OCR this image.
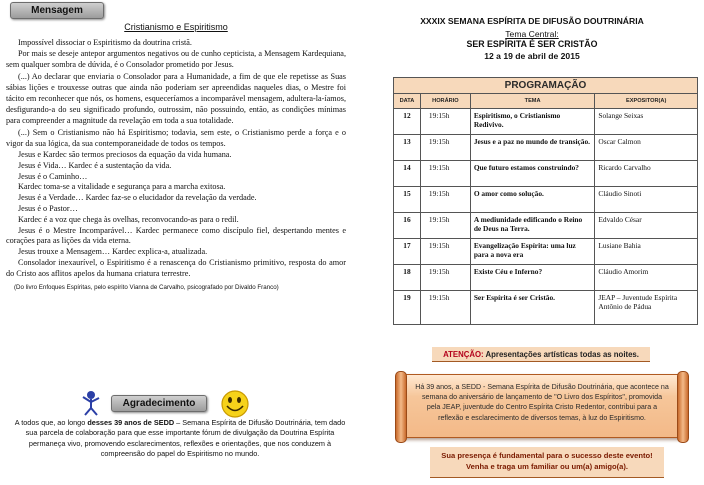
Mensagem
Cristianismo e Espiritismo

Impossível dissociar o Espiritismo da doutrina cristã.

Por mais se deseje antepor argumentos negativos ou de cunho cepticista, a Mensagem Kardequiana, sem qualquer sombra de dúvida, é o Consolador prometido por Jesus.

(...) Ao declarar que enviaria o Consolador para a Humanidade, a fim de que ele repetisse as Suas sábias lições e trouxesse outras que ainda não poderiam ser apreendidas naqueles dias, o Mestre foi tácito em reconhecer que nós, os homens, esqueceríamos a incomparável mensagem, adultera-la-íamos, desfigurando-a do seu significado profundo, outrossim, não possuindo, então, as condições mínimas para compreender a magnitude da revelação em toda a sua totalidade.

(...) Sem o Cristianismo não há Espiritismo; todavia, sem este, o Cristianismo perde a força e o vigor da sua lógica, da sua contemporaneidade de todos os tempos.

Jesus e Kardec são termos preciosos da equação da vida humana.

Jesus é Vida… Kardec é a sustentação da vida.

Jesus é o Caminho…

Kardec toma-se a vitalidade e segurança para a marcha exitosa.

Jesus é a Verdade… Kardec faz-se o elucidador da revelação da verdade.

Jesus é o Pastor…

Kardec é a voz que chega às ovelhas, reconvocando-as para o redil.

Jesus é o Mestre Incomparável… Kardec permanece como discípulo fiel, despertando mentes e corações para as lições da vida eterna.

Jesus trouxe a Mensagem… Kardec explica-a, atualizada.

Consolador inexaurível, o Espiritismo é a renascença do Cristianismo primitivo, resposta do amor do Cristo aos aflitos apelos da humana criatura terrestre.

(Do livro Enfoques Espíritas, pelo espírito Vianna de Carvalho, psicografado por Divaldo Franco)

Agradecimento
A todos que, ao longo desses 39 anos de SEDD – Semana Espírita de Difusão Doutrinária, tem dado sua parcela de colaboração para que esse importante fórum de divulgação da Doutrina Espírita permaneça vivo, promovendo esclarecimentos, reflexões e orientações, que nos conduzem à compreensão do papel do Espiritismo no mundo.
XXXIX SEMANA ESPÍRITA DE DIFUSÃO DOUTRINÁRIA
Tema Central:
SER ESPÍRITA É SER CRISTÃO
12 a 19 de abril de 2015
PROGRAMAÇÃO			
DATA	HORÁRIO	TEMA	EXPOSITOR(A)
12	19:15h	Espiritismo, o Cristianismo Redivivo.	Solange Seixas
13	19:15h	Jesus e a paz no mundo de transição.	Oscar Calmon
14	19:15h	Que futuro estamos construindo?	Ricardo Carvalho
15	19:15h	O amor como solução.	Cláudio Sinoti
16	19:15h	A mediunidade edificando o Reino de Deus na Terra.	Edvaldo César
17	19:15h	Evangelização Espírita: uma luz para a nova era	Lusiane Bahia
18	19:15h	Existe Céu e Inferno?	Cláudio Amorim
19	19:15h	Ser Espírita é ser Cristão.	JEAP – Juventude Espírita Antônio de Pádua
ATENÇÃO: Apresentações artísticas todas as noites.
Há 39 anos, a SEDD - Semana Espírita de Difusão Doutrinária, que acontece na semana do aniversário de lançamento de "O Livro dos Espíritos", promovida pela JEAP, juventude do Centro Espírita Cristo Redentor, contribui para a reflexão e esclarecimento de diversos temas, à luz do Espiritismo.
Sua presença é fundamental para o sucesso deste evento!
Venha e traga um familiar ou um(a) amigo(a).
